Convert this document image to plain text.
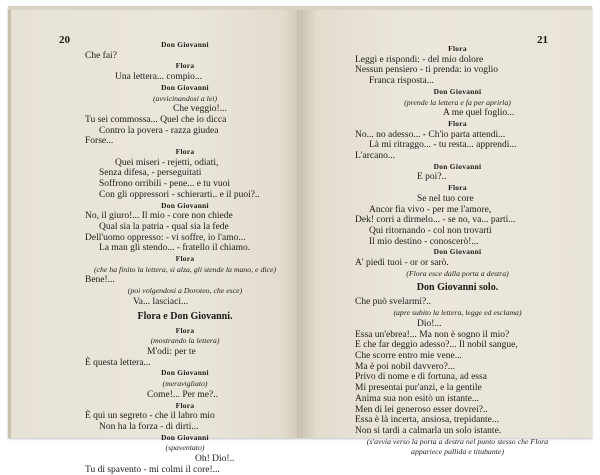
20	Don Giovanni
Che fai?
Flora
Una lettera... compio...
Don Giovanni
(avvicinandosi a lei)
Che veggio!...
Tu sei commossa... Quel che io dicca
Contro la povera - razza giudea
Forse...
Flora
Quei miseri - rejetti, odiati,
Senza difesa, - perseguitati
Soffrono orribili - pene... e tu vuoi
Con gli oppressori - schierarti.. e il puoi?..
Don Giovanni
No, il giuro!... Il mio - core non chiede
Qual sia la patria - qual sia la fede
Dell'uomo oppresso: - vi soffre, io l'amo...
La man gli stendo... - fratello il chiamo.
Flora
(che ha finito la lettera, si alza, gli stende la mano, e dice)
Bene!...
(poi volgendosi a Doroteo, che esce)
Va... lasciaci...
Flora e Don Giovanni.
Flora
(mostrando la lettera)
M'odi: per te
È questa lettera...
Don Giovanni
(meravigliato)
Come!... Per me?..
Flora
È qui un segreto - che il labro mio
Non ha la forza - di dirti...
Don Giovanni
(spaventato)
Oh! Dio!..
Tu di spavento - mi colmi il core!...
21
Flora
Leggi e rispondi: - del mio dolore
Nessun pensiero - ti prenda: io voglio
Franca risposta...
Don Giovanni
(prende la lettera e fa per aprirla)
A me quel foglio...
Flora
No... no adesso... - Ch'io parta attendi...
Là mi ritraggo... - tu resta... apprendi...
L'arcano...
Don Giovanni
E poi?..
Flora
Se nel tuo core
Ancor fia vivo - per me l'amore,
Dek! corri a dirmelo... - se no, va... parti...
Qui ritornando - col non trovarti
Il mio destino - conoscerò!...
Don Giovanni
A' piedi tuoi - or or sarò.
(Flora esce dalla porta a destra)
Don Giovanni solo.
Che può svelarmi?..
(apre subito la lettera, legge ed esclama)
Dio!...
Essa un'ebrea!... Ma non è sogno il mio?
E che far deggio adesso?... Il nobil sangue,
Che scorre entro mie vene...
Ma è poi nobil davvero?...
Privo di nome e di fortuna, ad essa
Mi presentai pur'anzi, e la gentile
Anima sua non esitò un istante...
Men di lei generoso esser dovrei?..
Essa è là incerta, ansiosa, trepidante...
Non si tardi a calmarla un solo istante.
(s'avvia verso la porta a destra nel punto stesso che Flora appariece pallida e titubante)
